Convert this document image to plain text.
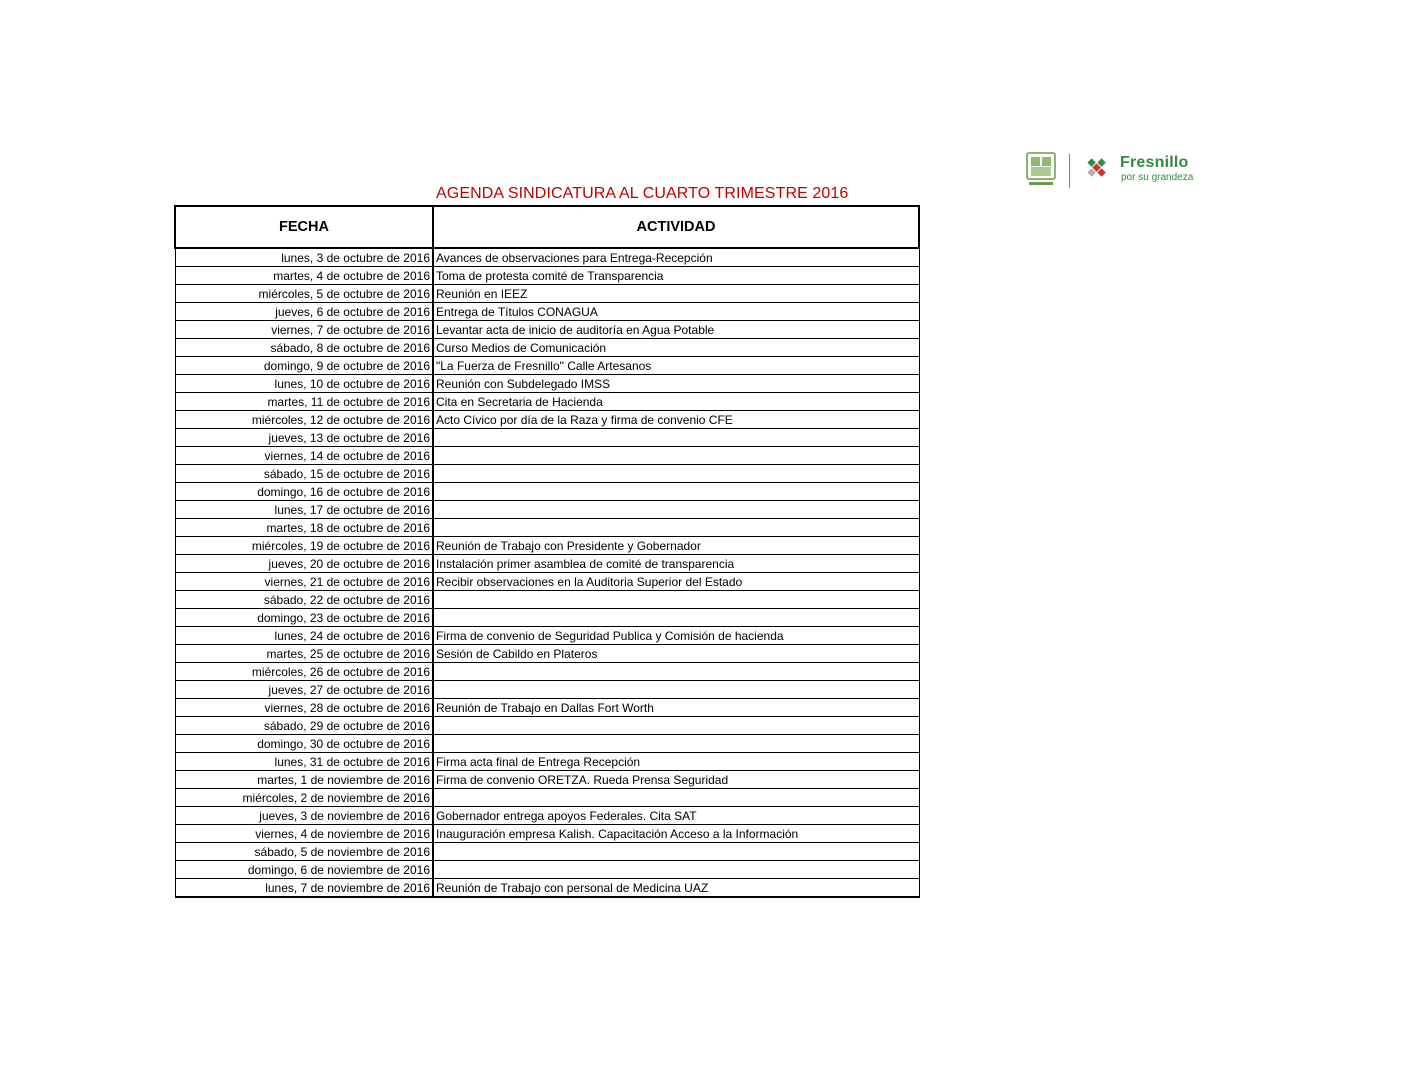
Fresnillo
por su grandeza
AGENDA SINDICATURA AL CUARTO TRIMESTRE 2016
FECHA	ACTIVIDAD
lunes, 3 de octubre de 2016	Avances de observaciones para Entrega-Recepción
martes, 4 de octubre de 2016	Toma de protesta comité de Transparencia
miércoles, 5 de octubre de 2016	Reunión en IEEZ
jueves, 6 de octubre de 2016	Entrega de Títulos CONAGUA
viernes, 7 de octubre de 2016	Levantar acta de inicio de auditoría en Agua Potable
sábado, 8 de octubre de 2016	Curso Medios de Comunicación
domingo, 9 de octubre de 2016	"La Fuerza de Fresnillo" Calle Artesanos
lunes, 10 de octubre de 2016	Reunión con Subdelegado IMSS
martes, 11 de octubre de 2016	Cita en Secretaria de Hacienda
miércoles, 12 de octubre de 2016	Acto Cívico por día de la Raza y firma de convenio CFE
jueves, 13 de octubre de 2016	
viernes, 14 de octubre de 2016	
sábado, 15 de octubre de 2016	
domingo, 16 de octubre de 2016	
lunes, 17 de octubre de 2016	
martes, 18 de octubre de 2016	
miércoles, 19 de octubre de 2016	Reunión de Trabajo con Presidente y Gobernador
jueves, 20 de octubre de 2016	Instalación primer asamblea de comité de transparencia
viernes, 21 de octubre de 2016	Recibir observaciones en la Auditoria Superior del Estado
sábado, 22 de octubre de 2016	
domingo, 23 de octubre de 2016	
lunes, 24 de octubre de 2016	Firma de convenio de Seguridad Publica y Comisión de hacienda
martes, 25 de octubre de 2016	Sesión de Cabildo en Plateros
miércoles, 26 de octubre de 2016	
jueves, 27 de octubre de 2016	
viernes, 28 de octubre de 2016	Reunión de Trabajo en Dallas Fort Worth
sábado, 29 de octubre de 2016	
domingo, 30 de octubre de 2016	
lunes, 31 de octubre de 2016	Firma acta final de Entrega Recepción
martes, 1 de noviembre de 2016	Firma de convenio ORETZA. Rueda Prensa Seguridad
miércoles, 2 de noviembre de 2016	
jueves, 3 de noviembre de 2016	Gobernador entrega apoyos Federales. Cita SAT
viernes, 4 de noviembre de 2016	Inauguración empresa Kalish. Capacitación Acceso a la Información
sábado, 5 de noviembre de 2016	
domingo, 6 de noviembre de 2016	
lunes, 7 de noviembre de 2016	Reunión de Trabajo con personal de Medicina UAZ
